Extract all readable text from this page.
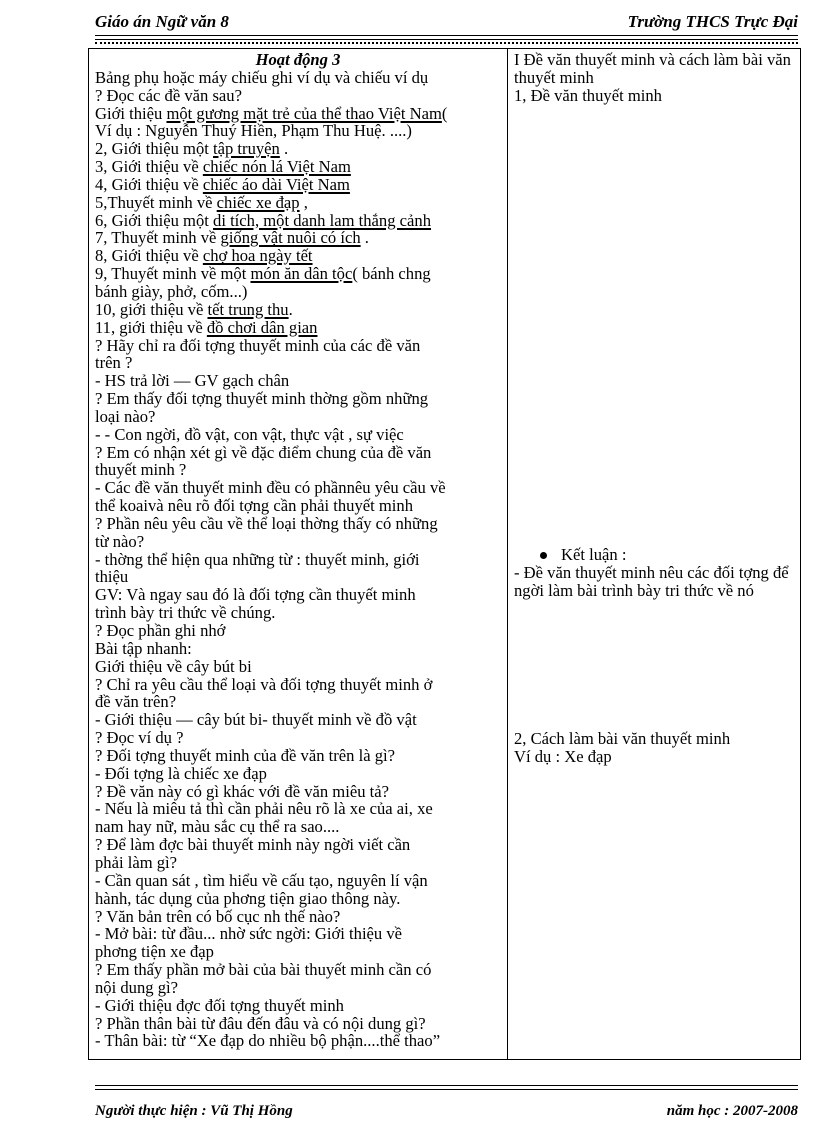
Giáo án Ngữ văn 8	Trường THCS Trực Đại
Hoạt động 3
Bảng phụ hoặc máy chiếu ghi ví dụ và chiếu ví dụ
? Đọc các đề văn sau?
Giới thiệu một gương mặt trẻ của thể thao Việt Nam(
Ví dụ : Nguyễn Thuý Hiền, Phạm Thu Huệ. ....)
2, Giới thiệu một tập truyện .
3, Giới thiệu về chiếc nón lá Việt Nam
4, Giới thiệu về chiếc áo dài Việt Nam
5,Thuyết minh về chiếc xe đạp ,
6, Giới thiệu một di tích, một danh lam thắng cảnh
7, Thuyết minh về giống vật nuôi có ích .
8, Giới thiệu về chợ hoa ngày tết
9, Thuyết minh về một món ăn dân tộc( bánh chng
bánh giày, phở, cốm...)
10, giới thiệu về tết trung thu.
11, giới thiệu về đồ chơi dân gian
? Hãy chỉ ra đối tợng thuyết minh của các đề văn
trên ?
- HS trả lời — GV gạch chân
? Em thấy đối tợng thuyết minh thờng gồm những
loại nào?
- - Con ngời, đồ vật, con vật, thực vật , sự việc
? Em có nhận xét gì về đặc điểm chung của đề văn
thuyết minh ?
- Các đề văn thuyết minh đều có phầnnêu yêu cầu về
thể koaivà nêu rõ đối tợng cần phải thuyết minh
? Phần nêu yêu cầu về thể loại thờng thấy có những
từ nào?
- thờng thể hiện qua những từ : thuyết minh, giới
thiệu
GV: Và ngay sau đó là đối tợng cần thuyết minh
trình bày tri thức về chúng.
? Đọc phần ghi nhớ
Bài tập nhanh:
Giới thiệu về cây bút bi
? Chỉ ra yêu cầu thể loại và đối tợng thuyết minh ở
đề văn trên?
- Giới thiệu — cây bút bi- thuyết minh về đồ vật
? Đọc ví dụ ?
? Đối tợng thuyết minh của đề văn trên là gì?
- Đối tợng là chiếc xe đạp
? Đề văn này có gì khác với đề văn miêu tả?
- Nếu là miêu tả thì cần phải nêu rõ là xe của ai, xe
nam hay nữ, màu sắc cụ thể ra sao....
? Để làm đợc bài thuyết minh này ngời viết cần
phải làm gì?
- Cần quan sát , tìm hiểu về cấu tạo, nguyên lí vận
hành, tác dụng của phơng tiện giao thông này.
? Văn bản trên có bố cục nh thế nào?
- Mở bài: từ đầu... nhờ sức ngời: Giới thiệu về
phơng tiện xe đạp
? Em thấy phần mở bài của bài thuyết minh cần có
nội dung gì?
- Giới thiệu đợc đối tợng thuyết minh
? Phần thân bài từ đâu đến đâu và có nội dung gì?
- Thân bài: từ “Xe đạp do nhiều bộ phận....thể thao”

I Đề văn thuyết minh và cách làm bài văn thuyết minh
1, Đề văn thuyết minh
Kết luận :
- Đề văn thuyết minh nêu các đối tợng để ngời làm bài trình bày tri thức về nó
2, Cách làm bài văn thuyết minh
Ví dụ : Xe đạp
Người thực hiện : Vũ Thị Hồng	năm học : 2007-2008
